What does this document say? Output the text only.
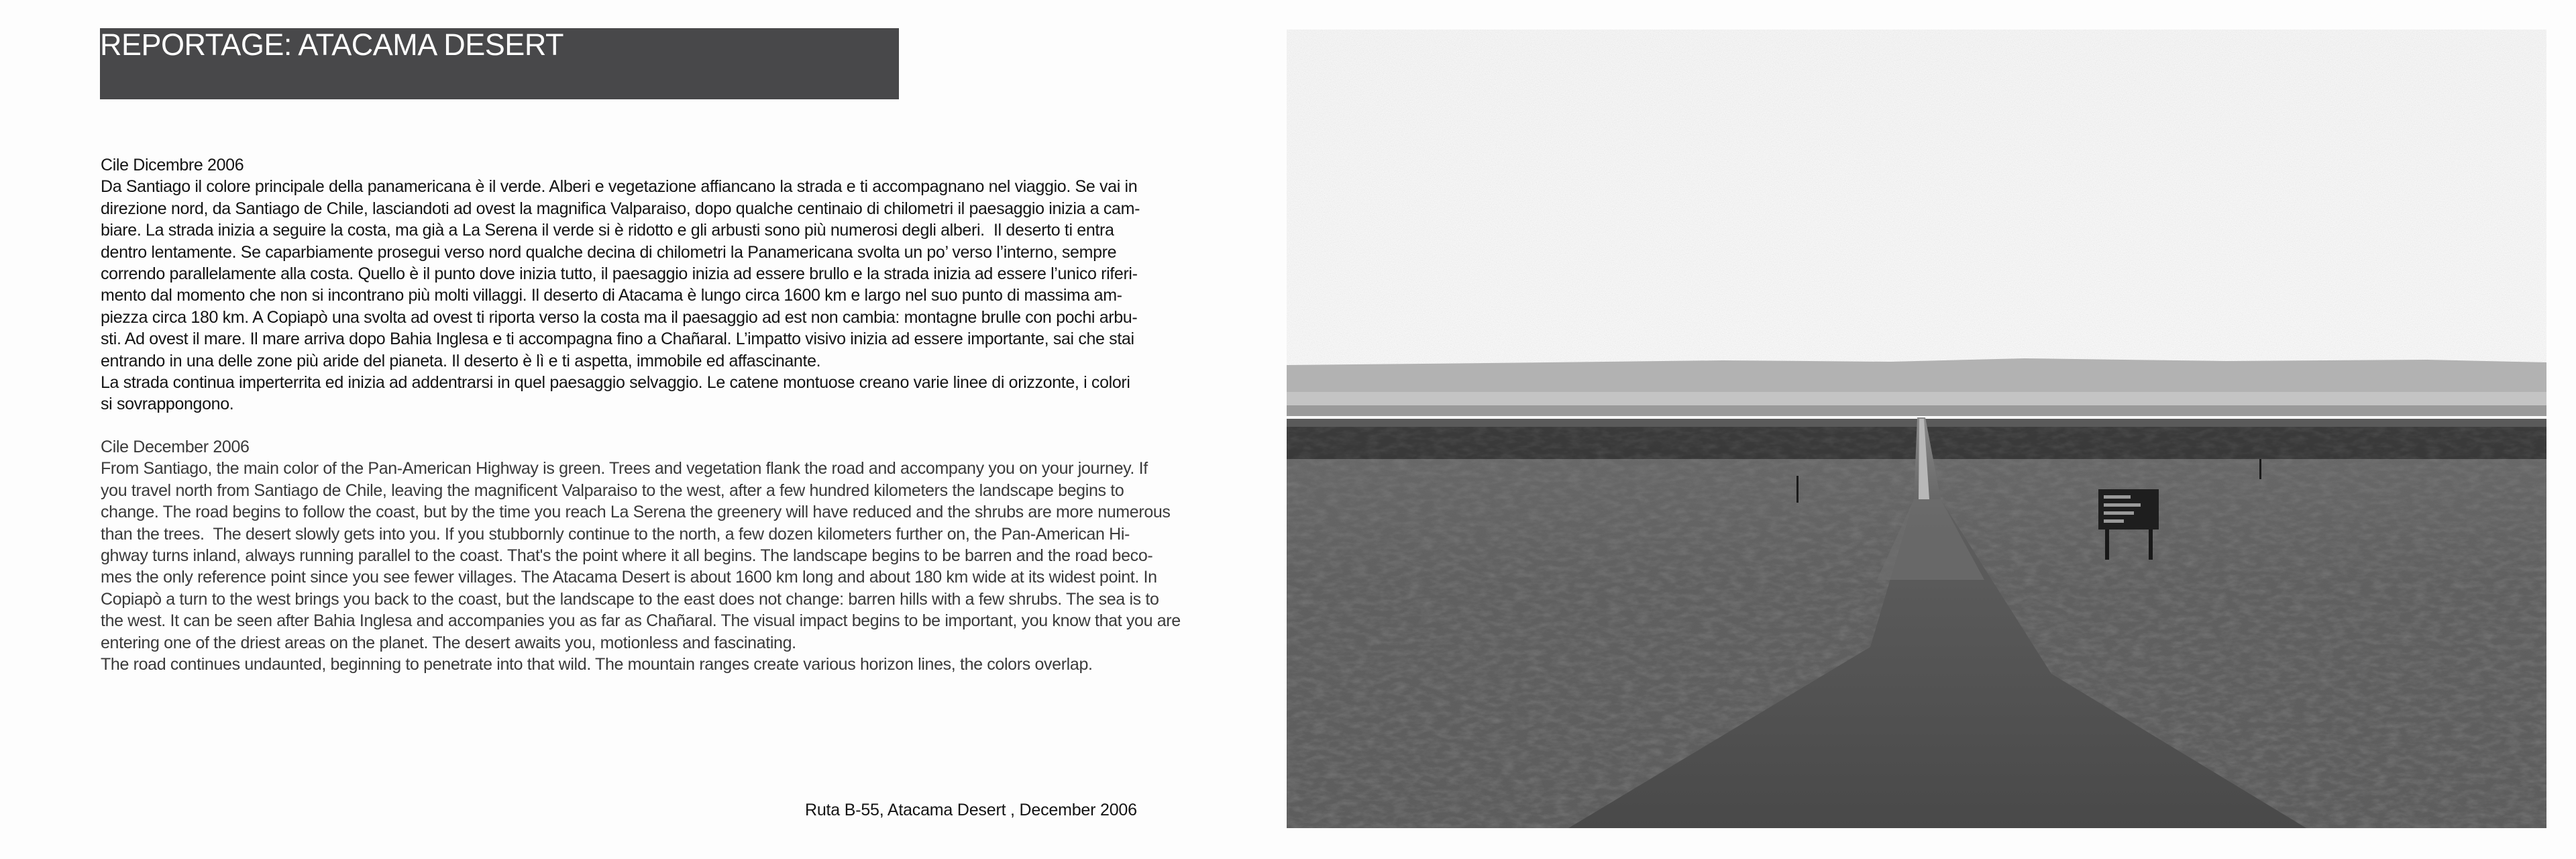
REPORTAGE: ATACAMA DESERT

Cile Dicembre 2006

Da Santiago il colore principale della panamericana è il verde. Alberi e vegetazione affiancano la strada e ti accompagnano nel viaggio. Se vai in
direzione nord, da Santiago de Chile, lasciandoti ad ovest la magnifica Valparaiso, dopo qualche centinaio di chilometri il paesaggio inizia a cam-
biare. La strada inizia a seguire la costa, ma già a La Serena il verde si è ridotto e gli arbusti sono più numerosi degli alberi.  Il deserto ti entra
dentro lentamente. Se caparbiamente prosegui verso nord qualche decina di chilometri la Panamericana svolta un po’ verso l’interno, sempre
correndo parallelamente alla costa. Quello è il punto dove inizia tutto, il paesaggio inizia ad essere brullo e la strada inizia ad essere l’unico riferi-
mento dal momento che non si incontrano più molti villaggi. Il deserto di Atacama è lungo circa 1600 km e largo nel suo punto di massima am-
piezza circa 180 km. A Copiapò una svolta ad ovest ti riporta verso la costa ma il paesaggio ad est non cambia: montagne brulle con pochi arbu-
sti. Ad ovest il mare. Il mare arriva dopo Bahia Inglesa e ti accompagna fino a Chañaral. L’impatto visivo inizia ad essere importante, sai che stai
entrando in una delle zone più aride del pianeta. Il deserto è lì e ti aspetta, immobile ed affascinante.

La strada continua imperterrita ed inizia ad addentrarsi in quel paesaggio selvaggio. Le catene montuose creano varie linee di orizzonte, i colori
si sovrappongono.

Cile December 2006

From Santiago, the main color of the Pan-American Highway is green. Trees and vegetation flank the road and accompany you on your journey. If
you travel north from Santiago de Chile, leaving the magnificent Valparaiso to the west, after a few hundred kilometers the landscape begins to
change. The road begins to follow the coast, but by the time you reach La Serena the greenery will have reduced and the shrubs are more numerous
than the trees.  The desert slowly gets into you. If you stubbornly continue to the north, a few dozen kilometers further on, the Pan-American Hi-
ghway turns inland, always running parallel to the coast. That's the point where it all begins. The landscape begins to be barren and the road beco-
mes the only reference point since you see fewer villages. The Atacama Desert is about 1600 km long and about 180 km wide at its widest point. In
Copiapò a turn to the west brings you back to the coast, but the landscape to the east does not change: barren hills with a few shrubs. The sea is to
the west. It can be seen after Bahia Inglesa and accompanies you as far as Chañaral. The visual impact begins to be important, you know that you are
entering one of the driest areas on the planet. The desert awaits you, motionless and fascinating.

The road continues undaunted, beginning to penetrate into that wild. The mountain ranges create various horizon lines, the colors overlap.

Ruta B-55, Atacama Desert , December 2006
